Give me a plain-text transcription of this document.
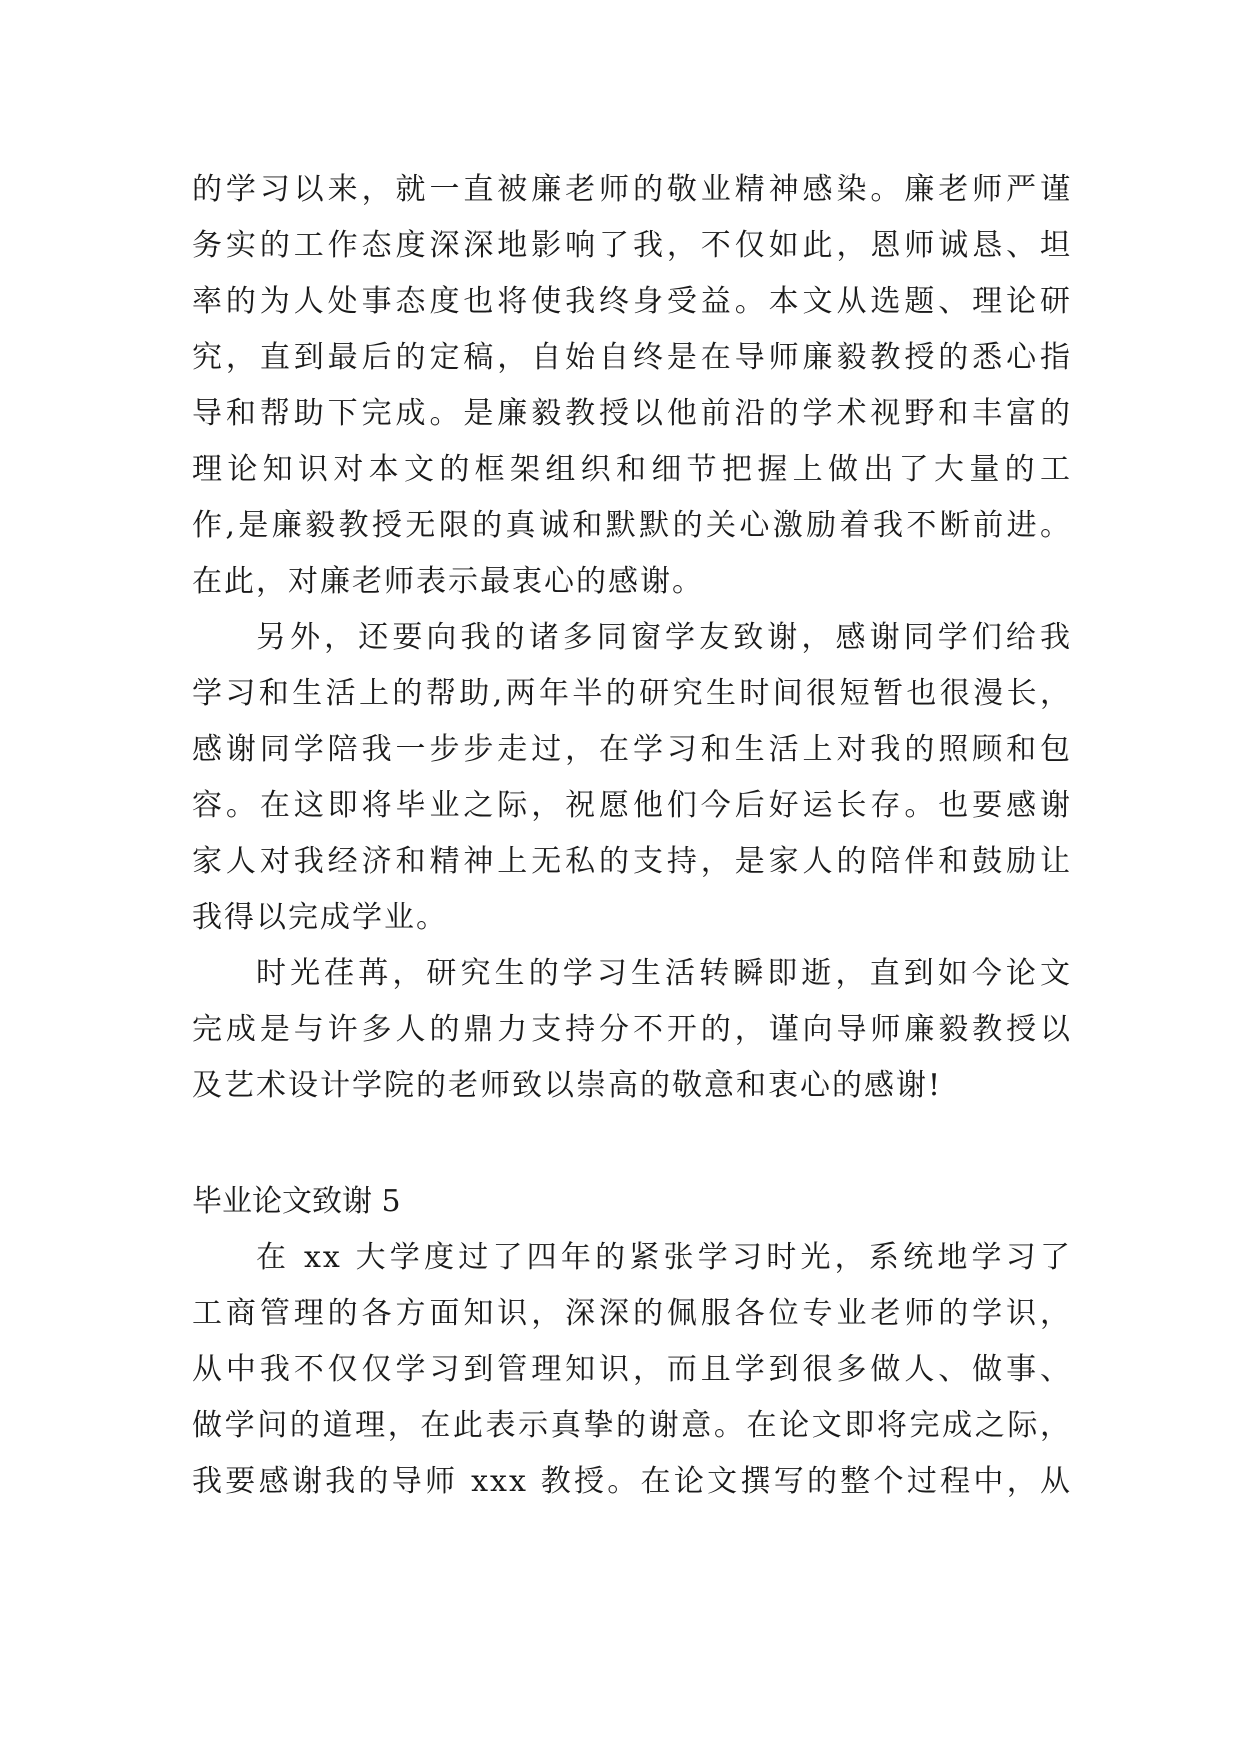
的学习以来，就一直被廉老师的敬业精神感染。廉老师严谨
务实的工作态度深深地影响了我，不仅如此，恩师诚恳、坦
率的为人处事态度也将使我终身受益。本文从选题、理论研
究，直到最后的定稿，自始自终是在导师廉毅教授的悉心指
导和帮助下完成。是廉毅教授以他前沿的学术视野和丰富的
理论知识对本文的框架组织和细节把握上做出了大量的工
作,是廉毅教授无限的真诚和默默的关心激励着我不断前进。
在此，对廉老师表示最衷心的感谢。
另外，还要向我的诸多同窗学友致谢，感谢同学们给我
学习和生活上的帮助,两年半的研究生时间很短暂也很漫长，
感谢同学陪我一步步走过，在学习和生活上对我的照顾和包
容。在这即将毕业之际，祝愿他们今后好运长存。也要感谢
家人对我经济和精神上无私的支持，是家人的陪伴和鼓励让
我得以完成学业。
时光荏苒，研究生的学习生活转瞬即逝，直到如今论文
完成是与许多人的鼎力支持分不开的，谨向导师廉毅教授以
及艺术设计学院的老师致以崇高的敬意和衷心的感谢!
毕业论文致谢 5
在 xx 大学度过了四年的紧张学习时光，系统地学习了
工商管理的各方面知识，深深的佩服各位专业老师的学识，
从中我不仅仅学习到管理知识，而且学到很多做人、做事、
做学问的道理，在此表示真挚的谢意。在论文即将完成之际，
我要感谢我的导师 xxx 教授。在论文撰写的整个过程中，从
